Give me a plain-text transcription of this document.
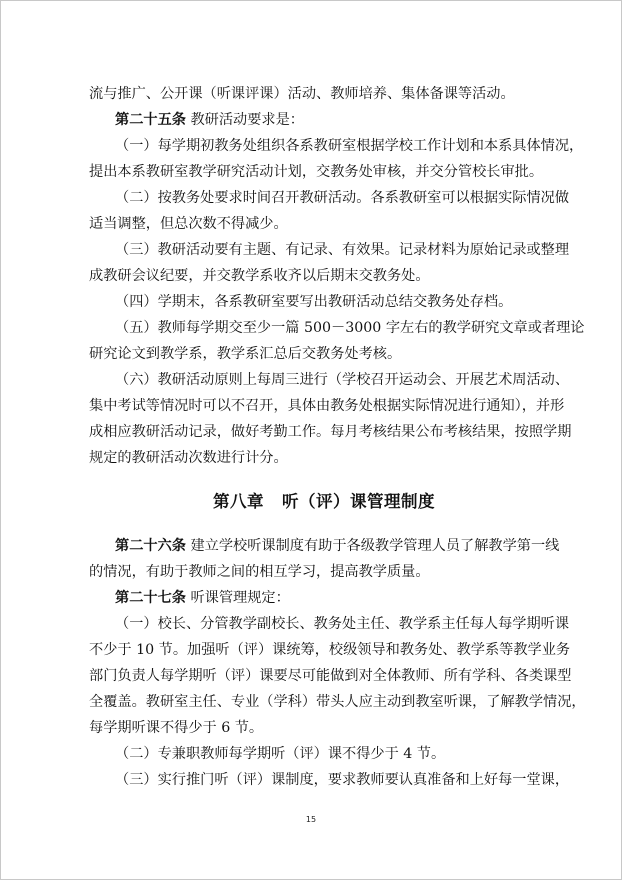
流与推广、公开课（听课评课）活动、教师培养、集体备课等活动。
第二十五条 教研活动要求是：
（一）每学期初教务处组织各系教研室根据学校工作计划和本系具体情况，
提出本系教研室教学研究活动计划，交教务处审核，并交分管校长审批。
（二）按教务处要求时间召开教研活动。各系教研室可以根据实际情况做
适当调整，但总次数不得减少。
（三）教研活动要有主题、有记录、有效果。记录材料为原始记录或整理
成教研会议纪要，并交教学系收齐以后期末交教务处。
（四）学期末，各系教研室要写出教研活动总结交教务处存档。
（五）教师每学期交至少一篇 500－3000 字左右的教学研究文章或者理论
研究论文到教学系，教学系汇总后交教务处考核。
（六）教研活动原则上每周三进行（学校召开运动会、开展艺术周活动、
集中考试等情况时可以不召开，具体由教务处根据实际情况进行通知），并形
成相应教研活动记录，做好考勤工作。每月考核结果公布考核结果，按照学期
规定的教研活动次数进行计分。
第八章 听（评）课管理制度
第二十六条 建立学校听课制度有助于各级教学管理人员了解教学第一线
的情况，有助于教师之间的相互学习，提高教学质量。
第二十七条 听课管理规定：
（一）校长、分管教学副校长、教务处主任、教学系主任每人每学期听课
不少于 10 节。加强听（评）课统筹，校级领导和教务处、教学系等教学业务
部门负责人每学期听（评）课要尽可能做到对全体教师、所有学科、各类课型
全覆盖。教研室主任、专业（学科）带头人应主动到教室听课，了解教学情况，
每学期听课不得少于 6 节。
（二）专兼职教师每学期听（评）课不得少于 4 节。
（三）实行推门听（评）课制度，要求教师要认真准备和上好每一堂课，
15
